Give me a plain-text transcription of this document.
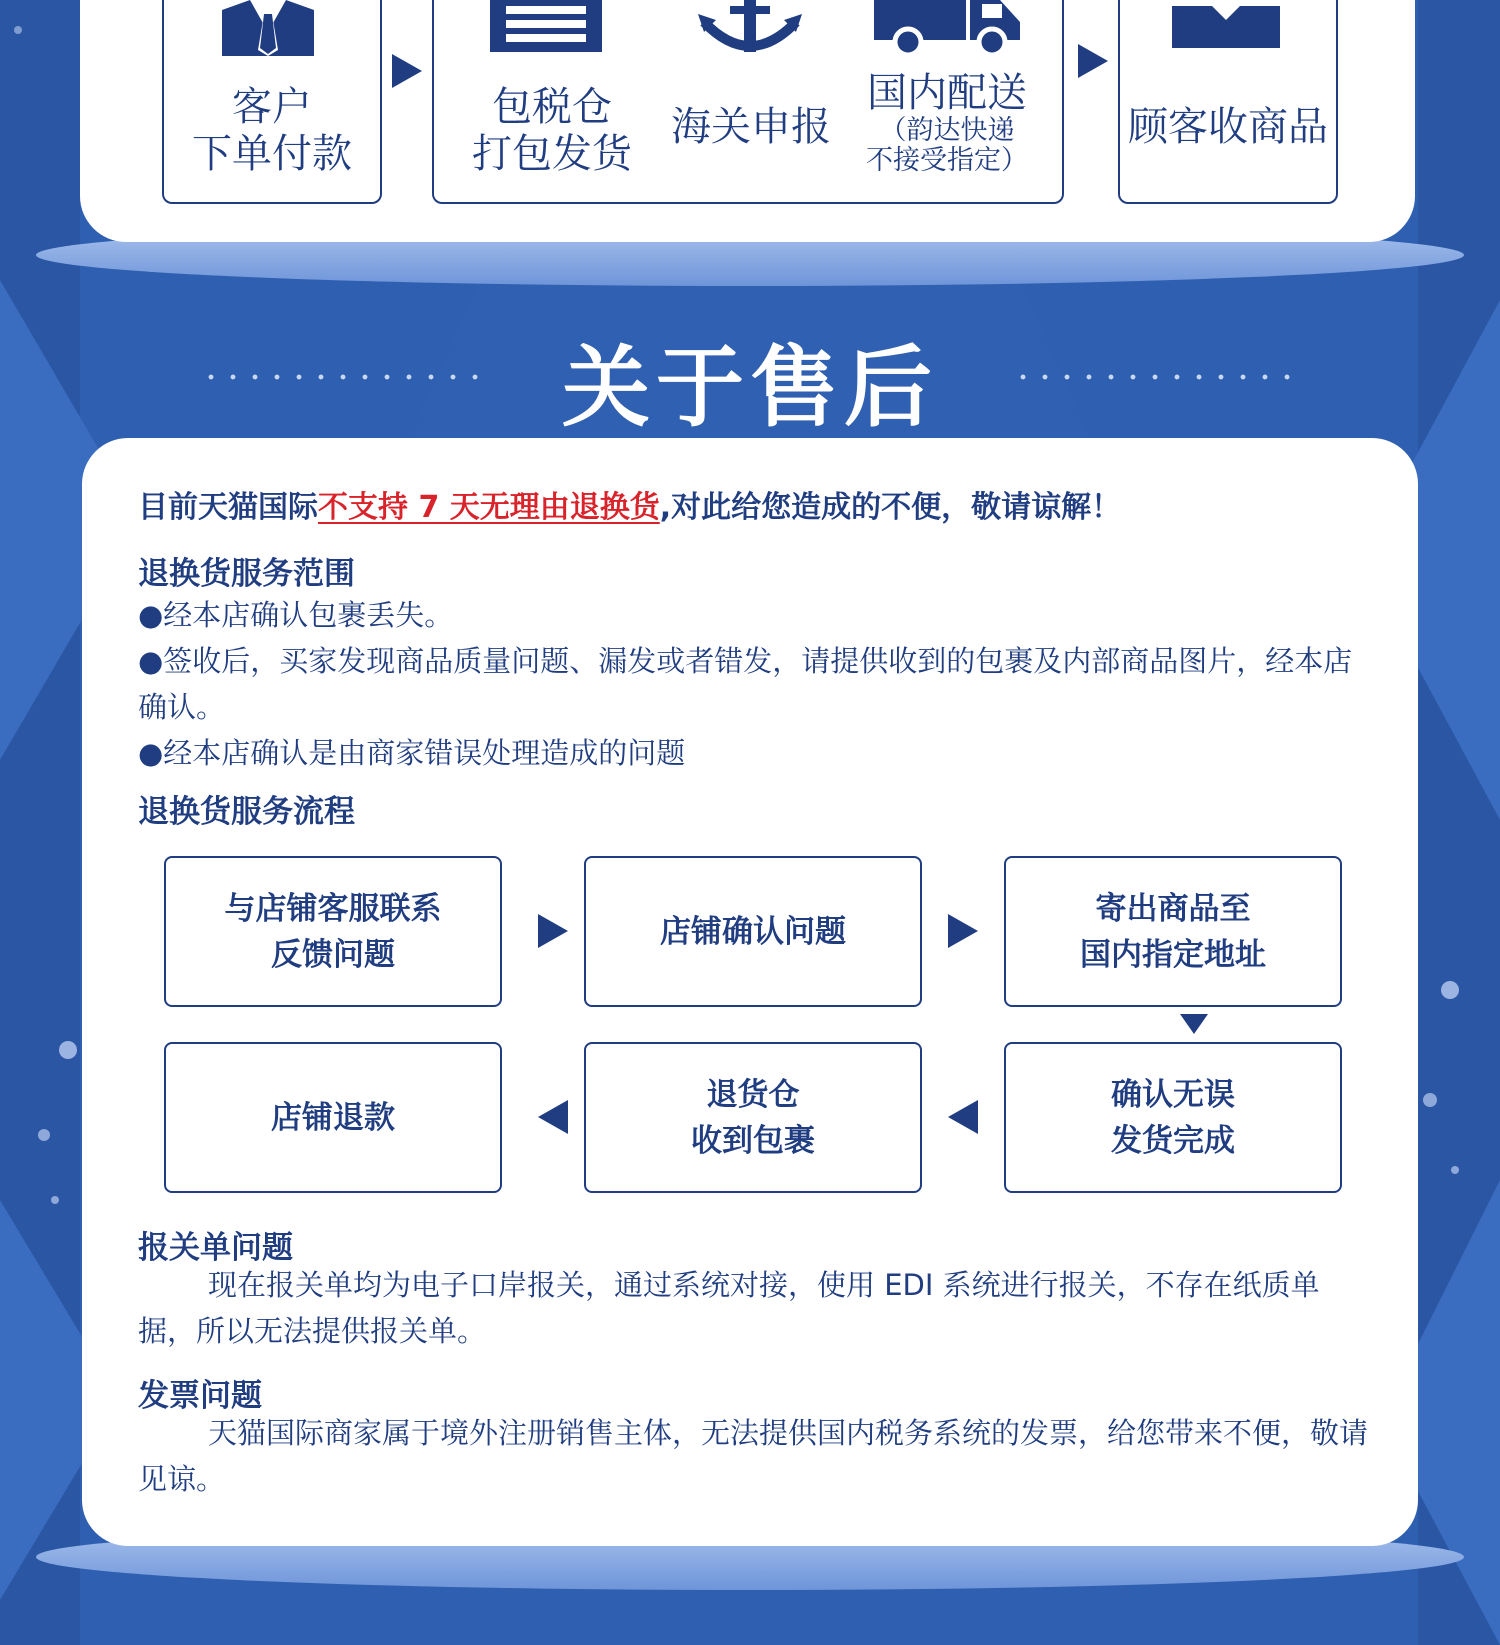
客户
下单付款
包税仓
打包发货
海关申报
国内配送
（韵达快递
不接受指定）
顾客收商品
关于售后
目前天猫国际不支持 7 天无理由退换货,对此给您造成的不便，敬请谅解！
退换货服务范围
●经本店确认包裹丢失。
●签收后，买家发现商品质量问题、漏发或者错发，请提供收到的包裹及内部商品图片，经本店确认。
●经本店确认是由商家错误处理造成的问题
退换货服务流程
与店铺客服联系
反馈问题
店铺确认问题
寄出商品至
国内指定地址
店铺退款
退货仓
收到包裹
确认无误
发货完成
报关单问题
现在报关单均为电子口岸报关，通过系统对接，使用 EDI 系统进行报关，不存在纸质单据，所以无法提供报关单。
发票问题
天猫国际商家属于境外注册销售主体，无法提供国内税务系统的发票，给您带来不便，敬请见谅。
